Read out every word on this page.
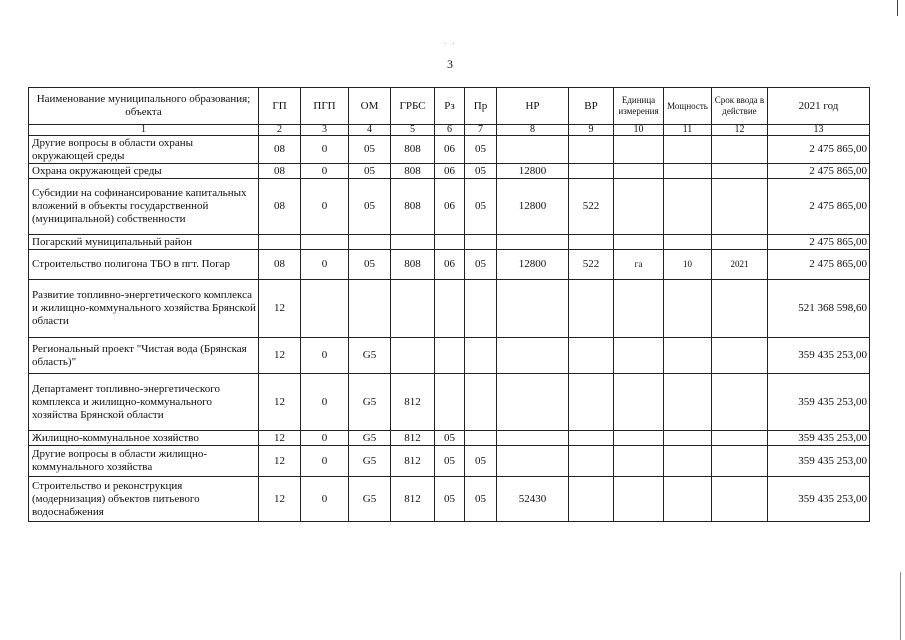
· ·
3
Наименование муниципального образования; объекта	ГП	ПГП	ОМ	ГРБС	Рз	Пр	НР	ВР	Единица измерения	Мощность	Срок ввода в действие	2021 год
1	2	3	4	5	6	7	8	9	10	11	12	13
Другие вопросы в области охраны окружающей среды	08	0	05	808	06	05						2 475 865,00
Охрана окружающей среды	08	0	05	808	06	05	12800					2 475 865,00
Субсидии на софинансирование капитальных вложений в объекты государственной (муниципальной) собственности	08	0	05	808	06	05	12800	522				2 475 865,00
Погарский муниципальный район												2 475 865,00
Строительство полигона ТБО в пгт. Погар	08	0	05	808	06	05	12800	522	га	10	2021	2 475 865,00
Развитие топливно-энергетического комплекса и жилищно-коммунального хозяйства Брянской области	12											521 368 598,60
Региональный проект "Чистая вода (Брянская область)"	12	0	G5									359 435 253,00
Департамент топливно-энергетического комплекса и жилищно-коммунального хозяйства Брянской области	12	0	G5	812								359 435 253,00
Жилищно-коммунальное хозяйство	12	0	G5	812	05							359 435 253,00
Другие вопросы в области жилищно-коммунального хозяйства	12	0	G5	812	05	05						359 435 253,00
Строительство и реконструкция (модернизация) объектов питьевого водоснабжения	12	0	G5	812	05	05	52430					359 435 253,00
